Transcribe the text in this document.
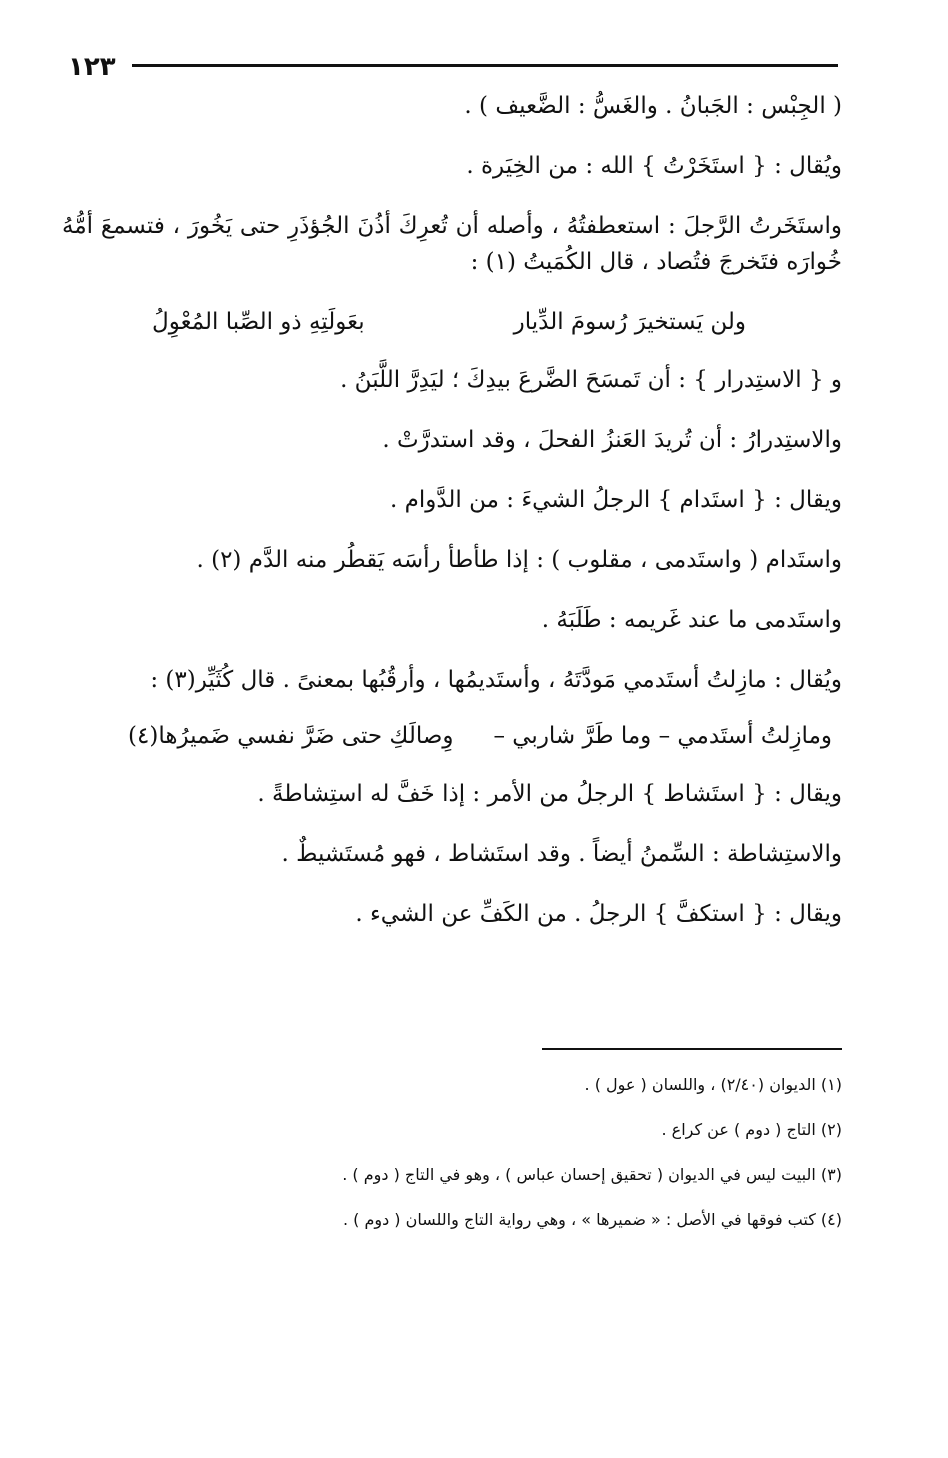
١٢٣

( الجِبْس : الجَبانُ . والغَسُّ : الضَّعيف ) .

ويُقال : { استَخَرْتُ } الله : من الخِيَرة .

واستَخَرتُ الرَّجلَ : استعطفتُهُ ، وأصله أن تُعرِكَ أذُنَ الجُؤذَرِ حتى يَخُورَ ، فتسمعَ أمُّهُ خُوارَه فتَخرجَ فتُصاد ، قال الكُمَيتُ (١) :

ولن يَستخيرَ رُسومَ الدِّيار
بعَولَتِهِ ذو الصِّبا المُعْوِلُ

و { الاستِدرار } : أن تَمسَحَ الضَّرعَ بيدِكَ ؛ ليَدِرَّ اللَّبَنُ .

والاستِدرارُ : أن تُريدَ العَنزُ الفحلَ ، وقد استدرَّتْ .

ويقال : { استَدام } الرجلُ الشيءَ : من الدَّوام .

واستَدام ( واستَدمى ، مقلوب ) : إذا طأطأ رأسَه يَقطُر منه الدَّم (٢) .

واستَدمى ما عند غَريمه : طَلَبَهُ .

ويُقال : مازِلتُ أستَدمي مَودَّتَهُ ، وأستَديمُها ، وأرقُبُها بمعنىً . قال كُثَيِّر(٣) :

ومازِلتُ أستَدمي – وما طَرَّ شاربي –
وِصالَكِ حتى ضَرَّ نفسي ضَميرُها(٤)

ويقال : { استَشاط } الرجلُ من الأمر : إذا خَفَّ له استِشاطةً .

والاستِشاطة : السِّمنُ أيضاً . وقد استَشاط ، فهو مُستَشيطٌ .

ويقال : { استكفَّ } الرجلُ . من الكَفِّ عن الشيء .

(١) الديوان (٢/٤٠) ، واللسان ( عول ) .

(٢) التاج ( دوم ) عن كراع .

(٣) البيت ليس في الديوان ( تحقيق إحسان عباس ) ، وهو في التاج ( دوم ) .

(٤) كتب فوقها في الأصل : « ضميرها » ، وهي رواية التاج واللسان ( دوم ) .
